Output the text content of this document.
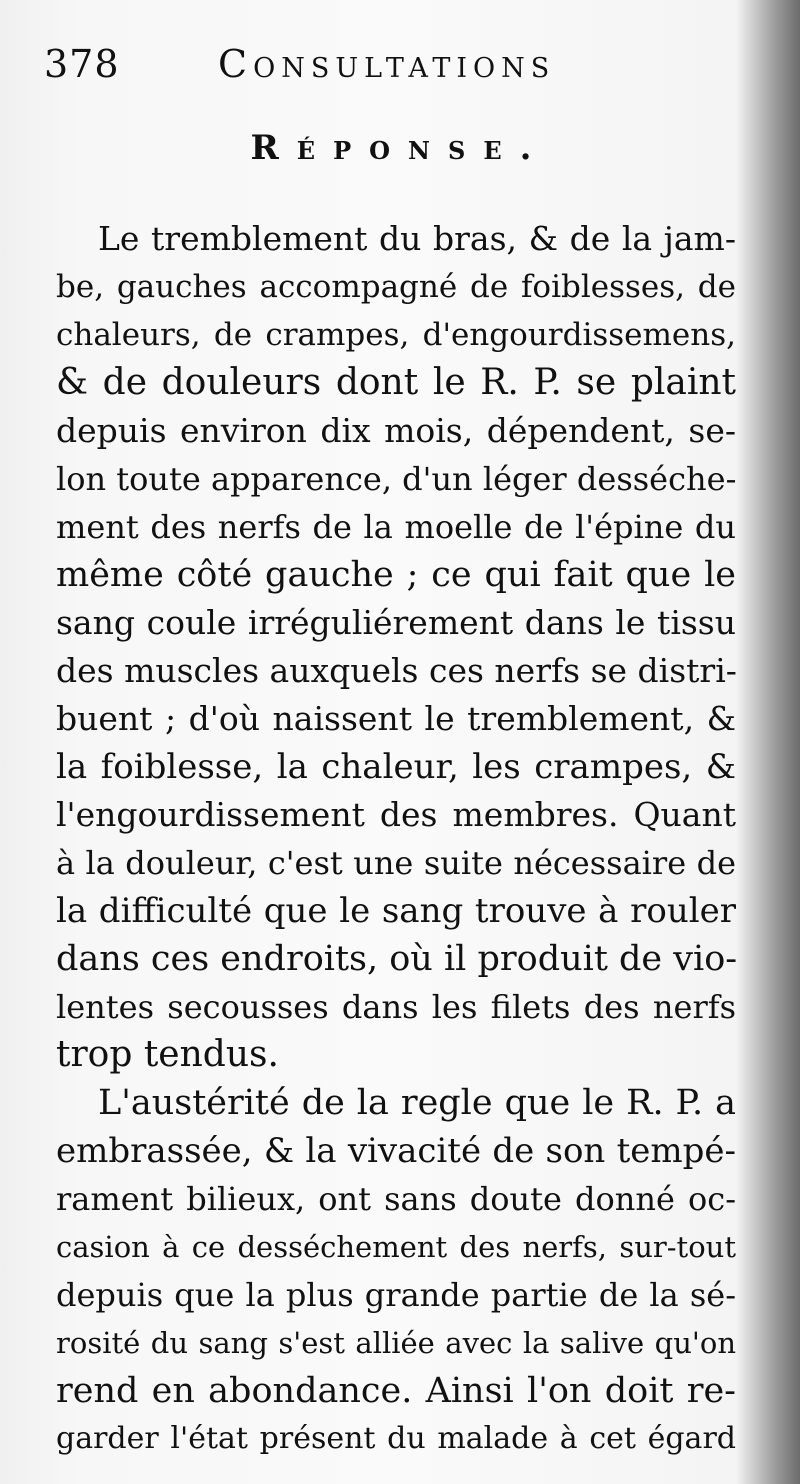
378	Consultations
Réponse.
Le tremblement du bras, & de la jam-
be, gauches accompagné de foiblesses, de
chaleurs, de crampes, d'engourdissemens,
& de douleurs dont le R. P. se plaint
depuis environ dix mois, dépendent, se-
lon toute apparence, d'un léger desséche-
ment des nerfs de la moelle de l'épine du
même côté gauche ; ce qui fait que le
sang coule irréguliérement dans le tissu
des muscles auxquels ces nerfs se distri-
buent ; d'où naissent le tremblement, &
la foiblesse, la chaleur, les crampes, &
l'engourdissement des membres. Quant
à la douleur, c'est une suite nécessaire de
la difficulté que le sang trouve à rouler
dans ces endroits, où il produit de vio-
lentes secousses dans les filets des nerfs
trop tendus.
L'austérité de la regle que le R. P. a
embrassée, & la vivacité de son tempé-
rament bilieux, ont sans doute donné oc-
casion à ce desséchement des nerfs, sur-tout
depuis que la plus grande partie de la sé-
rosité du sang s'est alliée avec la salive qu'on
rend en abondance. Ainsi l'on doit re-
garder l'état présent du malade à cet égard
